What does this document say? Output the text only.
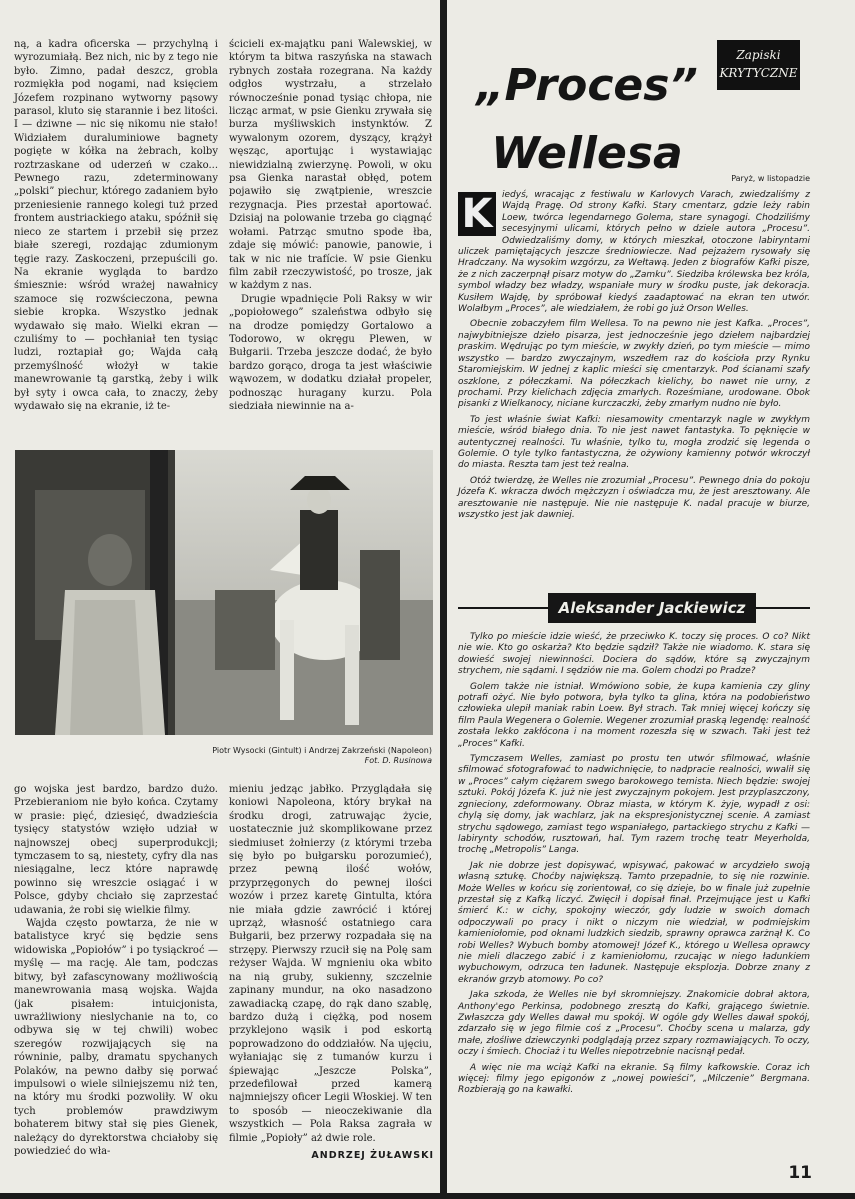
ną, a kadra oficerska — przychylną i wyrozumiałą. Bez nich, nic by z tego nie było. Zimno, padał deszcz, grobla rozmiękła pod nogami, nad księciem Józefem rozpinano wytworny pąsowy parasol, kluto się starannie i bez litości. I — dziwne — nic się nikomu nie stało! Widziałem duraluminiowe bagnety pogięte w kółka na żebrach, kolby roztrzaskane od uderzeń w czako... Pewnego razu, zdeterminowany „polski” piechur, którego zadaniem było przeniesienie rannego kolegi tuż przed frontem austriackiego ataku, spóźnił się nieco ze startem i przebił się przez białe szeregi, rozdając zdumionym tęgie razy. Zaskoczeni, przepuścili go. Na ekranie wygląda to bardzo śmiesznie: wśród wrażej nawałnicy szamoce się rozwścieczona, pewna siebie kropka. Wszystko jednak wydawało się mało. Wielki ekran — czuliśmy to — pochłaniał ten tysiąc ludzi, roztapiał go; Wajda całą przemyślność włożył w takie manewrowanie tą garstką, żeby i wilk był syty i owca cała, to znaczy, żeby wydawało się na ekranie, iż te-

ścicieli ex-majątku pani Walewskiej, w którym ta bitwa raszyńska na stawach rybnych została rozegrana. Na każdy odgłos wystrzału, a strzelało równocześnie ponad tysiąc chłopa, nie licząc armat, w psie Gienku zrywała się burza myśliwskich instynktów. Z wywalonym ozorem, dyszący, krążył węsząc, aportując i wystawiając niewidzialną zwierzynę. Powoli, w oku psa Gienka narastał obłęd, potem pojawiło się zwątpienie, wreszcie rezygnacja. Pies przestał aportować. Dzisiaj na polowanie trzeba go ciągnąć wołami. Patrząc smutno spode łba, zdaje się mówić: panowie, panowie, i tak w nic nie trafície. W psie Gienku film zabił rzeczywistość, po trosze, jak w każdym z nas.

Drugie wpadnięcie Poli Raksy w wir „popiołowego” szaleństwa odbyło się na drodze pomiędzy Gortalowo a Todorowo, w okręgu Plewen, w Bułgarii. Trzeba jeszcze dodać, że było bardzo gorąco, droga ta jest właściwie wąwozem, w dodatku działał propeler, podnosząc huragany kurzu. Pola siedziała niewinnie na a-

Piotr Wysocki (Gintult) i Andrzej Zakrzeński (Napoleon)
Fot. D. Rusinowa

go wojska jest bardzo, bardzo dużo. Przebieraniom nie było końca. Czytamy w prasie: pięć, dziesięć, dwadzieścia tysięcy statystów wzięło udział w najnowszej obecj superprodukcji; tymczasem to są, niestety, cyfry dla nas niesiągalne, lecz które naprawdę powinno się wreszcie osiągać i w Polsce, gdyby chciało się zaprzestać udawania, że robi się wielkie filmy.

Wajda często powtarza, że nie w batalistyce kryć się będzie sens widowiska „Popiołów” i po tysiąckroć — myślę — ma rację. Ale tam, podczas bitwy, był zafascynowany możliwością manewrowania masą wojska. Wajda (jak pisałem: intuicjonista, uwrażliwiony nieslychanie na to, co odbywa się w tej chwili) wobec szeregów rozwijających się na równinie, palby, dramatu spychanych Polaków, na pewno dałby się porwać impulsowi o wiele silniejszemu niż ten, na który mu środki pozwoliły. W oku tych problemów prawdziwym bohaterem bitwy stał się pies Gienek, należący do dyrektorstwa chciałoby się powiedzieć do wła-

mieniu jedząc jabłko. Przyglądała się koniowi Napoleona, który brykał na środku drogi, zatruwając życie, uostatecznie już skomplikowane przez siedmiuset żołnierzy (z którymi trzeba się było po bułgarsku porozumieć), przez pewną ilość wołów, przyprzęgonych do pewnej ilości wozów i przez karetę Gintulta, która nie miała gdzie zawrócić i której uprząż, własność ostatniego cara Bułgarii, bez przerwy rozpadała się na strzępy. Pierwszy rzucił się na Polę sam reżyser Wajda. W mgnieniu oka wbito na nią gruby, sukienny, szczelnie zapinany mundur, na oko nasadzono zawadiacką czapę, do rąk dano szablę, bardzo dużą i ciężką, pod nosem przyklejono wąsik i pod eskortą poprowadzono do oddziałów. Na ujęciu, wyłaniając się z tumanów kurzu i śpiewając „Jeszcze Polska”, przedefilował przed kamerą najmniejszy oficer Legii Włoskiej. W ten to sposób — nieoczekiwanie dla wszystkich — Pola Raksa zagrała w filmie „Popioły” aż dwie role.

ANDRZEJ ŻUŁAWSKI
Zapiski
KRYTYCZNE
„Proces”
Wellesa	Paryż, w listopadzie

K	iedyś, wracając z festiwalu w Karlovych Varach, zwiedzaliśmy z Wajdą Pragę. Od strony Kafki. Stary cmentarz, gdzie leży rabin Loew, twórca legendarnego Golema, stare synagogi. Chodziliśmy secesyjnymi ulicami, których pełno w dziele autora „Procesu”. Odwiedzaliśmy domy, w których mieszkał, otoczone labiryntami uliczek pamiętających jeszcze średniowiecze. Nad pejzażem rysowały się Hradczany. Na wysokim wzgórzu, za Wełtawą. Jeden z biografów Kafki pisze, że z nich zaczerpnął pisarz motyw do „Zamku”. Siedziba królewska bez króla, symbol władzy bez władzy, wspaniałe mury w środku puste, jak dekoracja. Kusiłem Wajdę, by spróbował kiedyś zaadaptować na ekran ten utwór. Wolałbym „Proces”, ale wiedziałem, że robi go już Orson Welles.

Obecnie zobaczyłem film Wellesa. To na pewno nie jest Kafka. „Proces”, najwybitniejsze dzieło pisarza, jest jednocześnie jego dziełem najbardziej praskim. Wędrując po tym mieście, w zwykły dzień, po tym mieście — mimo wszystko — bardzo zwyczajnym, wszedłem raz do kościoła przy Rynku Staromiejskim. W jednej z kaplic mieści się cmentarzyk. Pod ścianami szafy oszklone, z półeczkami. Na półeczkach kielichy, bo nawet nie urny, z prochami. Przy kielichach zdjęcia zmarłych. Roześmiane, urodowane. Obok pisanki z Wielkanocy, niciane kurczaczki, żeby zmarłym nudno nie było.

To jest właśnie świat Kafki: niesamowity cmentarzyk nagle w zwykłym mieście, wśród białego dnia. To nie jest nawet fantastyka. To pęknięcie w autentycznej realności. Tu właśnie, tylko tu, mogła zrodzić się legenda o Golemie. O tyle tylko fantastyczna, że ożywiony kamienny potwór wkroczył do miasta. Reszta tam jest też realna.

Otóż twierdzę, że Welles nie zrozumiał „Procesu”. Pewnego dnia do pokoju Józefa K. wkracza dwóch mężczyzn i oświadcza mu, że jest aresztowany. Ale aresztowanie nie następuje. Nie nie następuje K. nadal pracuje w biurze, wszystko jest jak dawniej.

Aleksander Jackiewicz

Tylko po mieście idzie wieść, że przeciwko K. toczy się proces. O co? Nikt nie wie. Kto go oskarża? Kto będzie sądził? Także nie wiadomo. K. stara się dowieść swojej niewinności. Dociera do sądów, które są zwyczajnym strychem, nie sądami. I sędziów nie ma. Golem chodzi po Pradze?

Golem także nie istniał. Wmówiono sobie, że kupa kamienia czy gliny potrafi ożyć. Nie było potwora, była tylko ta glina, która na podobieństwo człowieka ulepił maniak rabin Loew. Był strach. Tak mniej więcej kończy się film Paula Wegenera o Golemie. Wegener zrozumiał praską legendę: realność została lekko zakłócona i na moment rozeszła się w szwach. Taki jest też „Proces” Kafki.

Tymczasem Welles, zamiast po prostu ten utwór sfilmować, właśnie sfilmować sfotografować to nadwichnięcie, to nadpracie realności, wwalił się w „Proces” całym ciężarem swego barokowego temista. Niech będzie: swojej sztuki. Pokój Józefa K. już nie jest zwyczajnym pokojem. Jest przyplaszczony, zgnieciony, zdeformowany. Obraz miasta, w którym K. żyje, wypadł z osi: chylą się domy, jak wachlarz, jak na ekspresjonistycznej scenie. A zamiast strychu sądowego, zamiast tego wspaniałego, partackiego strychu z Kafki — labirynty schodów, rusztowań, hal. Tym razem trochę teatr Meyerholda, trochę „Metropolis” Langa.

Jak nie dobrze jest dopisywać, wpisywać, pakować w arcydzieło swoją własną sztukę. Choćby największą. Tamto przepadnie, to się nie rozwinie. Może Welles w końcu się zorientował, co się dzieje, bo w finale już zupełnie przestał się z Kafką liczyć. Zwięcił i dopisał finał. Przejmujące jest u Kafki śmierć K.: w cichy, spokojny wieczór, gdy ludzie w swoich domach odpoczywali po pracy i nikt o niczym nie wiedział, w podmiejskim kamieniołomie, pod oknami ludzkich siedzib, sprawny oprawca zarżnął K. Co robi Welles? Wybuch bomby atomowej! Józef K., którego u Wellesa oprawcy nie mieli dlaczego zabić i z kamieniołomu, rzucając w niego ładunkiem wybuchowym, odrzuca ten ładunek. Następuje eksplozja. Dobrze znany z ekranów grzyb atomowy. Po co?

Jaka szkoda, że Welles nie był skromniejszy. Znakomicie dobrał aktora, Anthony'ego Perkinsa, podobnego zresztą do Kafki, grającego świetnie. Zwłaszcza gdy Welles dawał mu spokój. W ogóle gdy Welles dawał spokój, zdarzało się w jego filmie coś z „Procesu”. Choćby scena u malarza, gdy małe, złośliwe dziewczynki podglądają przez szpary rozmawiających. To oczy, oczy i śmiech. Chociaż i tu Welles niepotrzebnie nacisnął pedał.

A więc nie ma wciąż Kafki na ekranie. Są filmy kafkowskie. Coraz ich więcej: filmy jego epigonów z „nowej powieści”, „Milczenie” Bergmana. Rozbierają go na kawałki.

11
